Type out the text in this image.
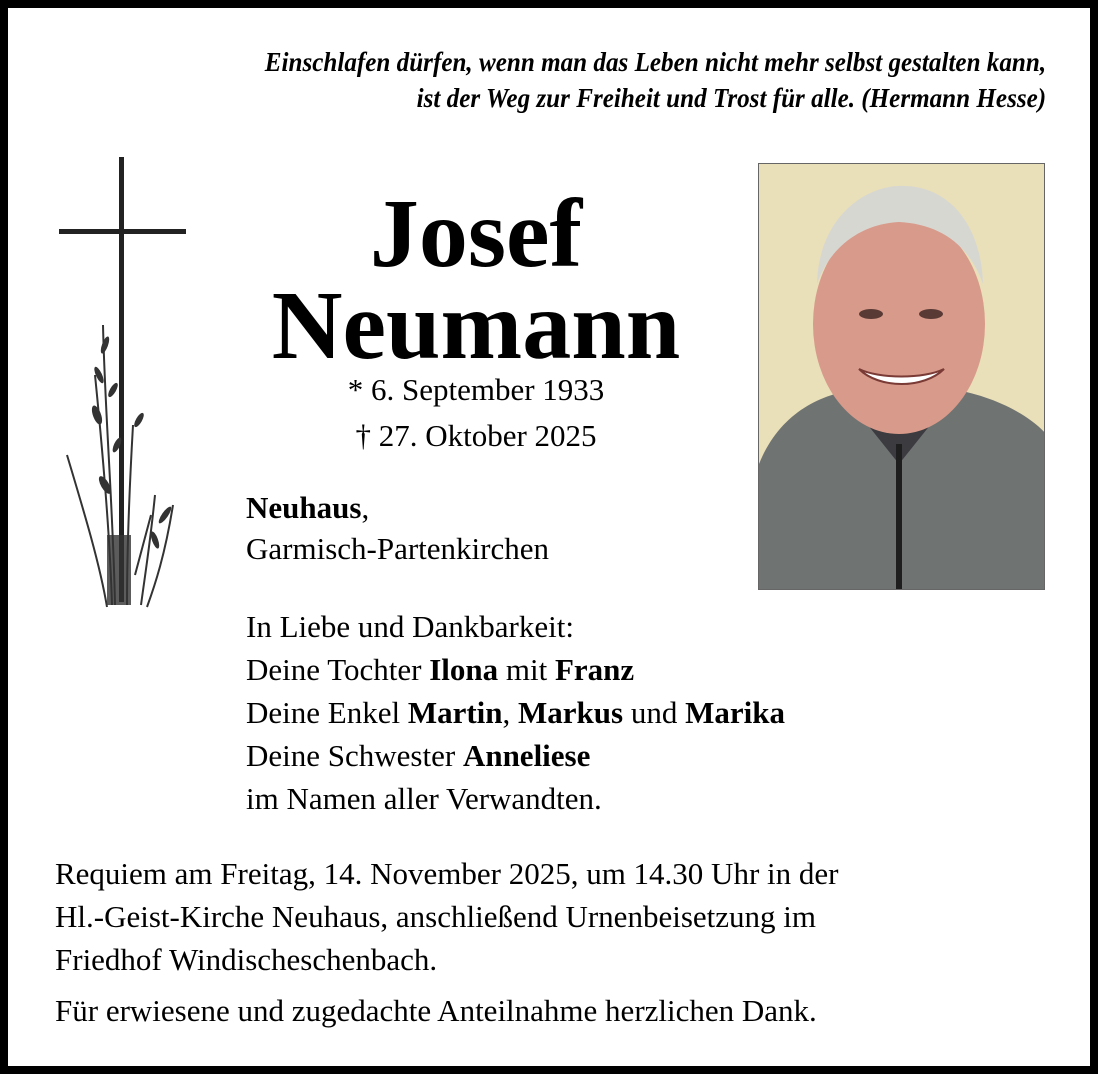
Einschlafen dürfen, wenn man das Leben nicht mehr selbst gestalten kann,
ist der Weg zur Freiheit und Trost für alle. (Hermann Hesse)
Josef
Neumann
* 6. September 1933
† 27. Oktober 2025
Neuhaus,
Garmisch-Partenkirchen
In Liebe und Dankbarkeit:
Deine Tochter Ilona mit Franz
Deine Enkel Martin, Markus und Marika
Deine Schwester Anneliese
im Namen aller Verwandten.
Requiem am Freitag, 14. November 2025, um 14.30 Uhr in der
Hl.-Geist-Kirche Neuhaus, anschließend Urnenbeisetzung im
Friedhof Windischeschenbach.
Für erwiesene und zugedachte Anteilnahme herzlichen Dank.
